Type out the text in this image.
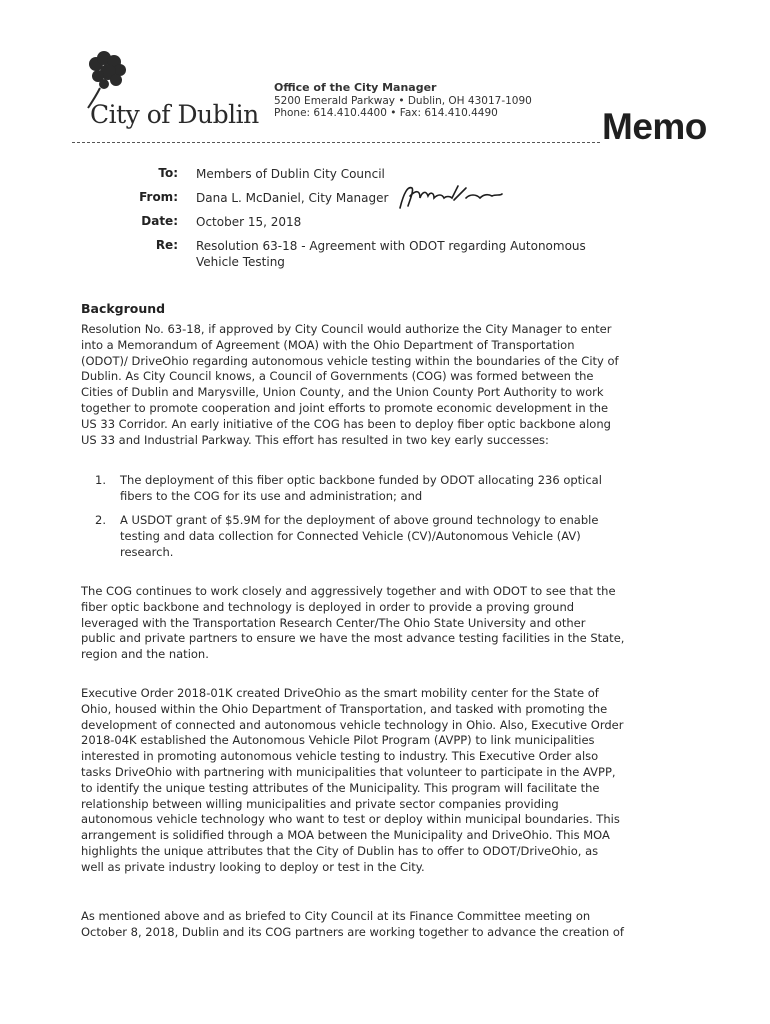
City of Dublin
Office of the City Manager
5200 Emerald Parkway • Dublin, OH 43017-1090
Phone: 614.410.4400 • Fax: 614.410.4490	Memo
To: Members of Dublin City Council
From: Dana L. McDaniel, City Manager
Date: October 15, 2018
Re: Resolution 63-18 - Agreement with ODOT regarding Autonomous
Vehicle Testing
Background
Resolution No. 63-18, if approved by City Council would authorize the City Manager to enter
into a Memorandum of Agreement (MOA) with the Ohio Department of Transportation
(ODOT)/ DriveOhio regarding autonomous vehicle testing within the boundaries of the City of
Dublin. As City Council knows, a Council of Governments (COG) was formed between the
Cities of Dublin and Marysville, Union County, and the Union County Port Authority to work
together to promote cooperation and joint efforts to promote economic development in the
US 33 Corridor. An early initiative of the COG has been to deploy fiber optic backbone along
US 33 and Industrial Parkway. This effort has resulted in two key early successes:
1. The deployment of this fiber optic backbone funded by ODOT allocating 236 optical
fibers to the COG for its use and administration; and
2. A USDOT grant of $5.9M for the deployment of above ground technology to enable
testing and data collection for Connected Vehicle (CV)/Autonomous Vehicle (AV)
research.
The COG continues to work closely and aggressively together and with ODOT to see that the
fiber optic backbone and technology is deployed in order to provide a proving ground
leveraged with the Transportation Research Center/The Ohio State University and other
public and private partners to ensure we have the most advance testing facilities in the State,
region and the nation.
Executive Order 2018-01K created DriveOhio as the smart mobility center for the State of
Ohio, housed within the Ohio Department of Transportation, and tasked with promoting the
development of connected and autonomous vehicle technology in Ohio. Also, Executive Order
2018-04K established the Autonomous Vehicle Pilot Program (AVPP) to link municipalities
interested in promoting autonomous vehicle testing to industry. This Executive Order also
tasks DriveOhio with partnering with municipalities that volunteer to participate in the AVPP,
to identify the unique testing attributes of the Municipality. This program will facilitate the
relationship between willing municipalities and private sector companies providing
autonomous vehicle technology who want to test or deploy within municipal boundaries. This
arrangement is solidified through a MOA between the Municipality and DriveOhio. This MOA
highlights the unique attributes that the City of Dublin has to offer to ODOT/DriveOhio, as
well as private industry looking to deploy or test in the City.
As mentioned above and as briefed to City Council at its Finance Committee meeting on
October 8, 2018, Dublin and its COG partners are working together to advance the creation of
